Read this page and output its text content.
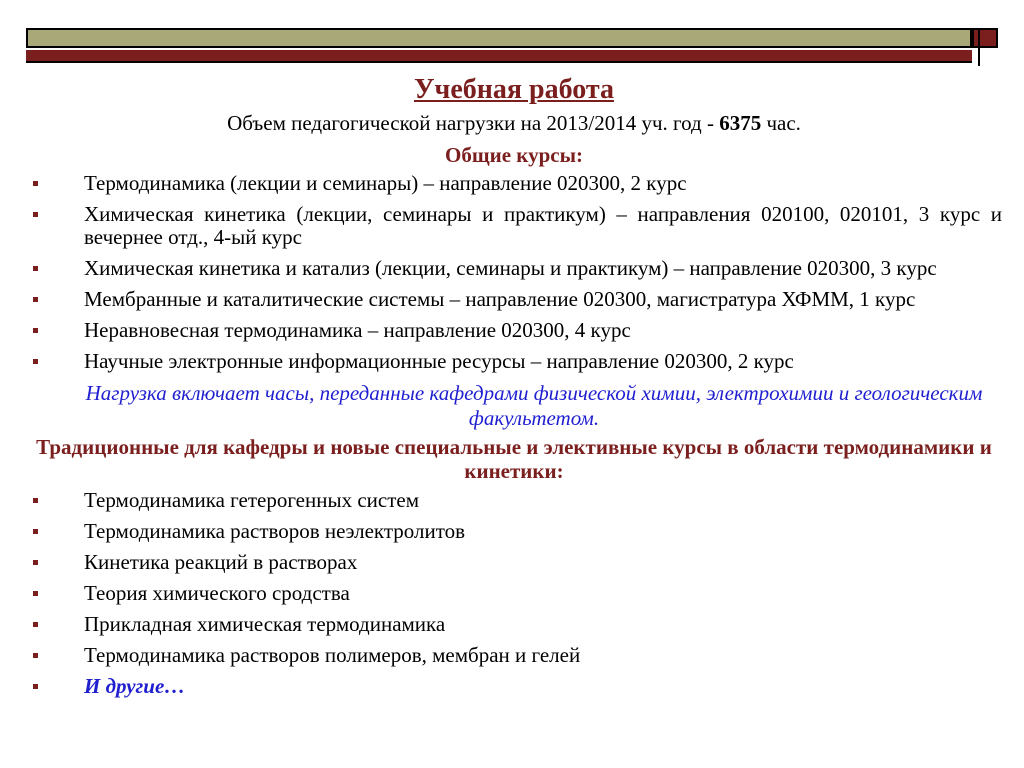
Учебная работа
Объем педагогической нагрузки на 2013/2014 уч. год - 6375 час.
Общие курсы:
Термодинамика (лекции и семинары) – направление 020300, 2 курс
Химическая кинетика (лекции, семинары и практикум) – направления 020100, 020101, 3 курс и вечернее отд., 4-ый курс
Химическая кинетика и катализ (лекции, семинары и практикум) – направление 020300, 3 курс
Мембранные и каталитические системы – направление 020300, магистратура ХФММ, 1 курс
Неравновесная термодинамика – направление 020300, 4 курс
Научные электронные информационные ресурсы – направление 020300, 2 курс
Нагрузка включает часы, переданные кафедрами физической химии, электрохимии и геологическим факультетом.
Традиционные для кафедры и новые специальные и элективные курсы в области термодинамики и кинетики:
Термодинамика гетерогенных систем
Термодинамика растворов неэлектролитов
Кинетика реакций в растворах
Теория химического сродства
Прикладная химическая термодинамика
Термодинамика растворов полимеров, мембран и гелей
И другие…
